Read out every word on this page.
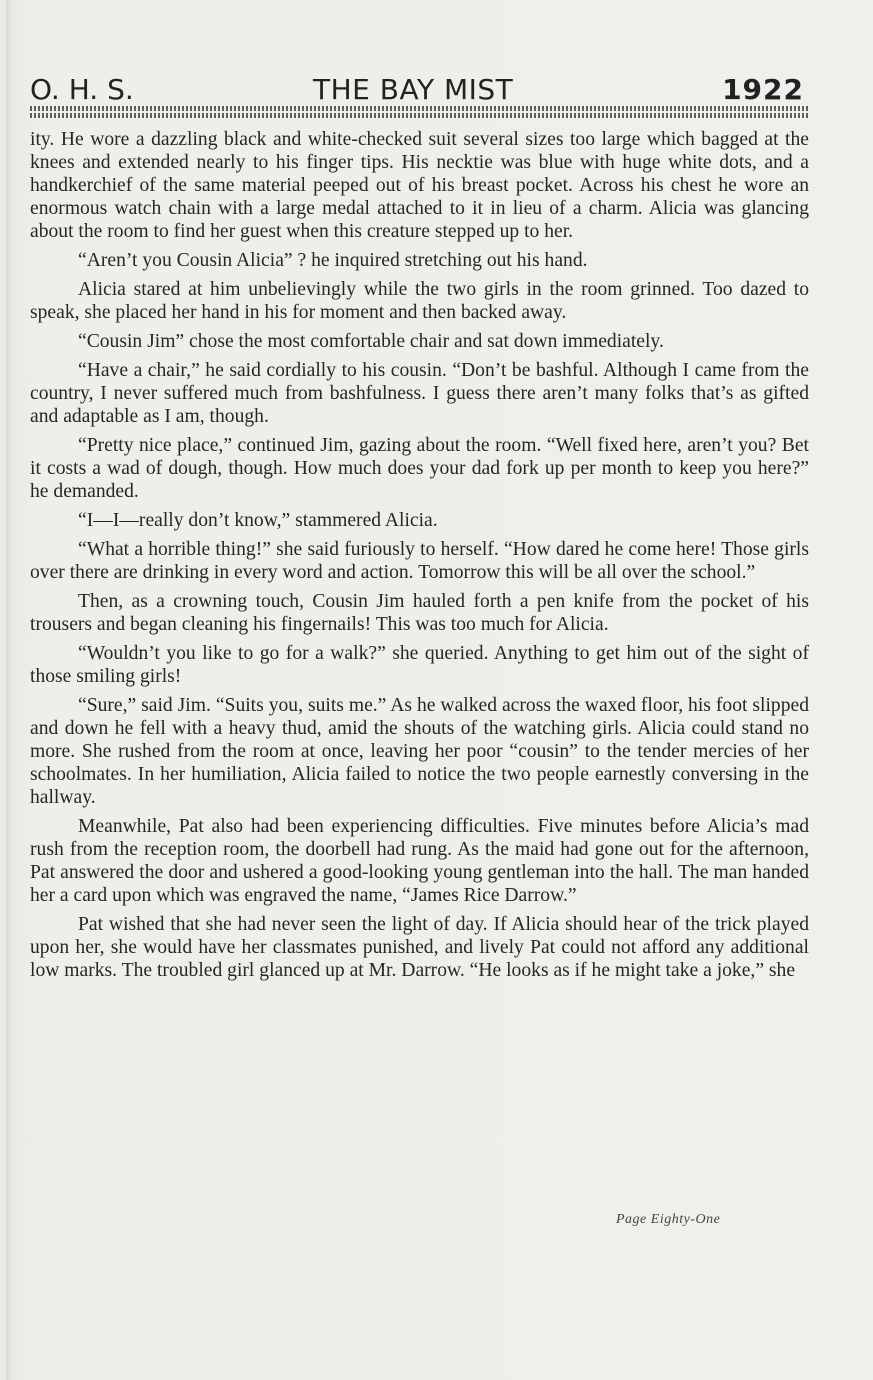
O. H. S.	THE BAY MIST	1922

ity. He wore a dazzling black and white-checked suit several sizes too large which bagged at the knees and extended nearly to his finger tips. His necktie was blue with huge white dots, and a handkerchief of the same material peeped out of his breast pocket. Across his chest he wore an enormous watch chain with a large medal attached to it in lieu of a charm. Alicia was glancing about the room to find her guest when this creature stepped up to her.

“Aren’t you Cousin Alicia” ? he inquired stretching out his hand.

Alicia stared at him unbelievingly while the two girls in the room grinned. Too dazed to speak, she placed her hand in his for moment and then backed away.

“Cousin Jim” chose the most comfortable chair and sat down immediately.

“Have a chair,” he said cordially to his cousin. “Don’t be bashful. Although I came from the country, I never suffered much from bashfulness. I guess there aren’t many folks that’s as gifted and adaptable as I am, though.

“Pretty nice place,” continued Jim, gazing about the room. “Well fixed here, aren’t you? Bet it costs a wad of dough, though. How much does your dad fork up per month to keep you here?” he demanded.

“I—I—really don’t know,” stammered Alicia.

“What a horrible thing!” she said furiously to herself. “How dared he come here! Those girls over there are drinking in every word and action. Tomorrow this will be all over the school.”

Then, as a crowning touch, Cousin Jim hauled forth a pen knife from the pocket of his trousers and began cleaning his fingernails! This was too much for Alicia.

“Wouldn’t you like to go for a walk?” she queried. Anything to get him out of the sight of those smiling girls!

“Sure,” said Jim. “Suits you, suits me.” As he walked across the waxed floor, his foot slipped and down he fell with a heavy thud, amid the shouts of the watching girls. Alicia could stand no more. She rushed from the room at once, leaving her poor “cousin” to the tender mercies of her schoolmates. In her humiliation, Alicia failed to notice the two people earnestly conversing in the hallway.

Meanwhile, Pat also had been experiencing difficulties. Five minutes before Alicia’s mad rush from the reception room, the doorbell had rung. As the maid had gone out for the afternoon, Pat answered the door and ushered a good-looking young gentleman into the hall. The man handed her a card upon which was engraved the name, “James Rice Darrow.”

Pat wished that she had never seen the light of day. If Alicia should hear of the trick played upon her, she would have her classmates punished, and lively Pat could not afford any additional low marks. The troubled girl glanced up at Mr. Darrow. “He looks as if he might take a joke,” she

Page Eighty-One
